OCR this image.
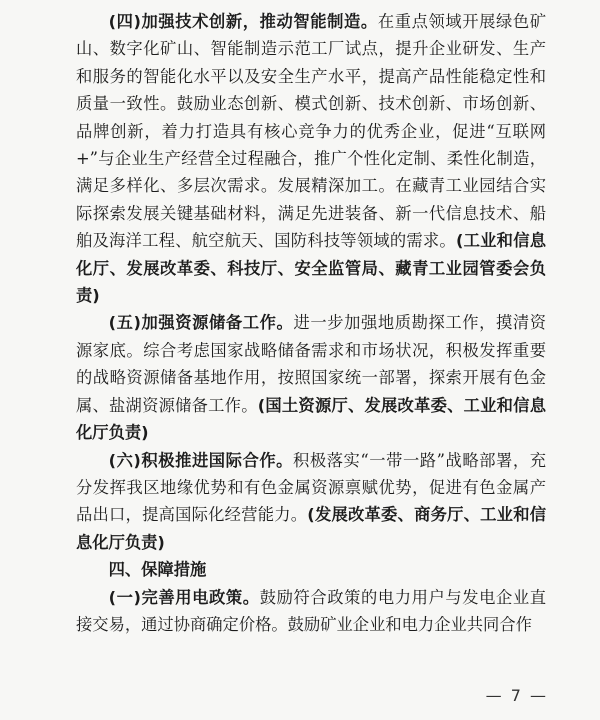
(四)加强技术创新，推动智能制造。在重点领域开展绿色矿山、数字化矿山、智能制造示范工厂试点，提升企业研发、生产和服务的智能化水平以及安全生产水平，提高产品性能稳定性和质量一致性。鼓励业态创新、模式创新、技术创新、市场创新、品牌创新，着力打造具有核心竞争力的优秀企业，促进“互联网+”与企业生产经营全过程融合，推广个性化定制、柔性化制造，满足多样化、多层次需求。发展精深加工。在藏青工业园结合实际探索发展关键基础材料，满足先进装备、新一代信息技术、船舶及海洋工程、航空航天、国防科技等领域的需求。(工业和信息化厅、发展改革委、科技厅、安全监管局、藏青工业园管委会负责)

(五)加强资源储备工作。进一步加强地质勘探工作，摸清资源家底。综合考虑国家战略储备需求和市场状况，积极发挥重要的战略资源储备基地作用，按照国家统一部署，探索开展有色金属、盐湖资源储备工作。(国土资源厅、发展改革委、工业和信息化厅负责)

(六)积极推进国际合作。积极落实“一带一路”战略部署，充分发挥我区地缘优势和有色金属资源禀赋优势，促进有色金属产品出口，提高国际化经营能力。(发展改革委、商务厅、工业和信息化厅负责)

四、保障措施

(一)完善用电政策。鼓励符合政策的电力用户与发电企业直接交易，通过协商确定价格。鼓励矿业企业和电力企业共同合作

— 7 —
